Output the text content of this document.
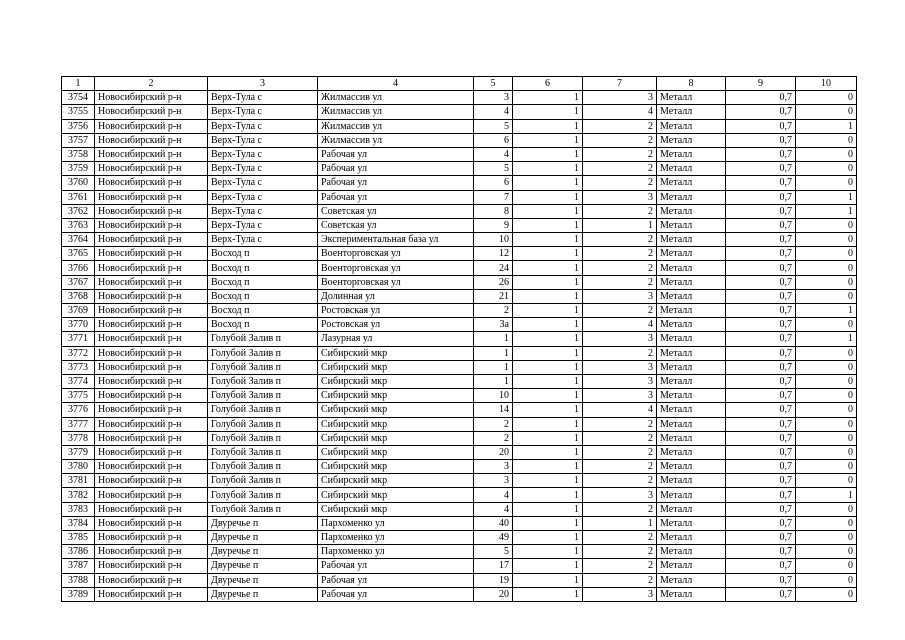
1	2	3	4	5	6	7	8	9	10
3754	Новосибирский р-н	Верх-Тула с	Жилмассив ул	3	1	3	Металл	0,7	0
3755	Новосибирский р-н	Верх-Тула с	Жилмассив ул	4	1	4	Металл	0,7	0
3756	Новосибирский р-н	Верх-Тула с	Жилмассив ул	5	1	2	Металл	0,7	1
3757	Новосибирский р-н	Верх-Тула с	Жилмассив ул	6	1	2	Металл	0,7	0
3758	Новосибирский р-н	Верх-Тула с	Рабочая ул	4	1	2	Металл	0,7	0
3759	Новосибирский р-н	Верх-Тула с	Рабочая ул	5	1	2	Металл	0,7	0
3760	Новосибирский р-н	Верх-Тула с	Рабочая ул	6	1	2	Металл	0,7	0
3761	Новосибирский р-н	Верх-Тула с	Рабочая ул	7	1	3	Металл	0,7	1
3762	Новосибирский р-н	Верх-Тула с	Советская ул	8	1	2	Металл	0,7	1
3763	Новосибирский р-н	Верх-Тула с	Советская ул	9	1	1	Металл	0,7	0
3764	Новосибирский р-н	Верх-Тула с	Экспериментальная база ул	10	1	2	Металл	0,7	0
3765	Новосибирский р-н	Восход п	Военторговская ул	12	1	2	Металл	0,7	0
3766	Новосибирский р-н	Восход п	Военторговская ул	24	1	2	Металл	0,7	0
3767	Новосибирский р-н	Восход п	Военторговская ул	26	1	2	Металл	0,7	0
3768	Новосибирский р-н	Восход п	Долинная ул	21	1	3	Металл	0,7	0
3769	Новосибирский р-н	Восход п	Ростовская ул	2	1	2	Металл	0,7	1
3770	Новосибирский р-н	Восход п	Ростовская ул	3а	1	4	Металл	0,7	0
3771	Новосибирский р-н	Голубой Залив п	Лазурная ул	1	1	3	Металл	0,7	1
3772	Новосибирский р-н	Голубой Залив п	Сибирский мкр	1	1	2	Металл	0,7	0
3773	Новосибирский р-н	Голубой Залив п	Сибирский мкр	1	1	3	Металл	0,7	0
3774	Новосибирский р-н	Голубой Залив п	Сибирский мкр	1	1	3	Металл	0,7	0
3775	Новосибирский р-н	Голубой Залив п	Сибирский мкр	10	1	3	Металл	0,7	0
3776	Новосибирский р-н	Голубой Залив п	Сибирский мкр	14	1	4	Металл	0,7	0
3777	Новосибирский р-н	Голубой Залив п	Сибирский мкр	2	1	2	Металл	0,7	0
3778	Новосибирский р-н	Голубой Залив п	Сибирский мкр	2	1	2	Металл	0,7	0
3779	Новосибирский р-н	Голубой Залив п	Сибирский мкр	20	1	2	Металл	0,7	0
3780	Новосибирский р-н	Голубой Залив п	Сибирский мкр	3	1	2	Металл	0,7	0
3781	Новосибирский р-н	Голубой Залив п	Сибирский мкр	3	1	2	Металл	0,7	0
3782	Новосибирский р-н	Голубой Залив п	Сибирский мкр	4	1	3	Металл	0,7	1
3783	Новосибирский р-н	Голубой Залив п	Сибирский мкр	4	1	2	Металл	0,7	0
3784	Новосибирский р-н	Двуречье п	Пархоменко ул	40	1	1	Металл	0,7	0
3785	Новосибирский р-н	Двуречье п	Пархоменко ул	49	1	2	Металл	0,7	0
3786	Новосибирский р-н	Двуречье п	Пархоменко ул	5	1	2	Металл	0,7	0
3787	Новосибирский р-н	Двуречье п	Рабочая ул	17	1	2	Металл	0,7	0
3788	Новосибирский р-н	Двуречье п	Рабочая ул	19	1	2	Металл	0,7	0
3789	Новосибирский р-н	Двуречье п	Рабочая ул	20	1	3	Металл	0,7	0
